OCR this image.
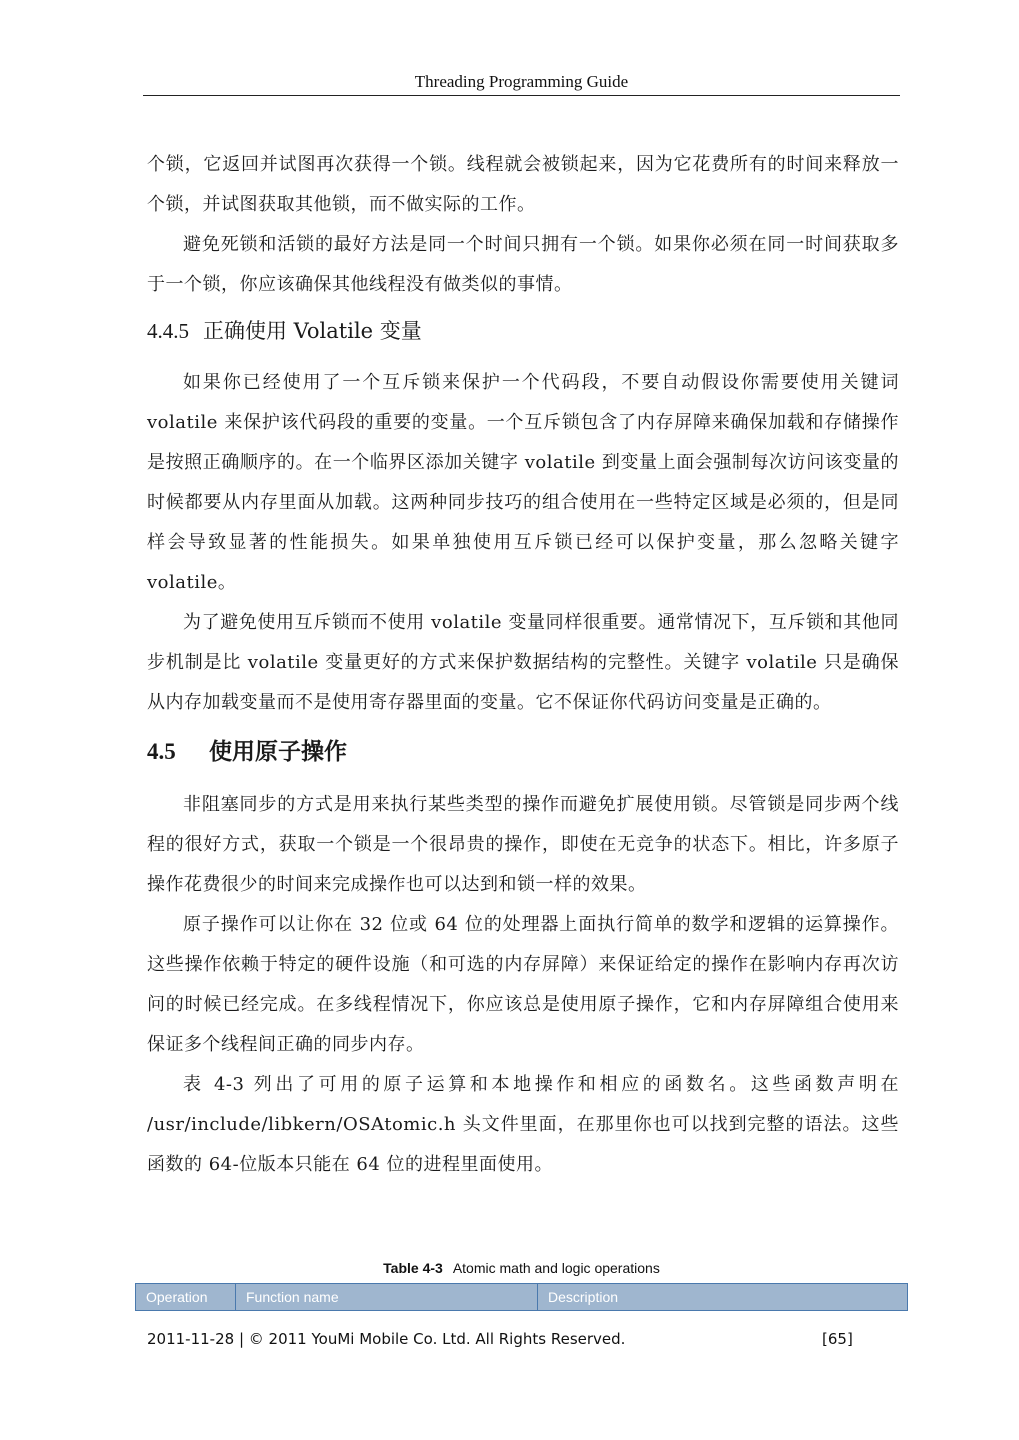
Threading Programming Guide

个锁，它返回并试图再次获得一个锁。线程就会被锁起来，因为它花费所有的时间来释放一个锁，并试图获取其他锁，而不做实际的工作。

避免死锁和活锁的最好方法是同一个时间只拥有一个锁。如果你必须在同一时间获取多于一个锁，你应该确保其他线程没有做类似的事情。

4.4.5 正确使用 Volatile 变量

如果你已经使用了一个互斥锁来保护一个代码段，不要自动假设你需要使用关键词 volatile 来保护该代码段的重要的变量。一个互斥锁包含了内存屏障来确保加载和存储操作是按照正确顺序的。在一个临界区添加关键字 volatile 到变量上面会强制每次访问该变量的时候都要从内存里面从加载。这两种同步技巧的组合使用在一些特定区域是必须的，但是同样会导致显著的性能损失。如果单独使用互斥锁已经可以保护变量，那么忽略关键字 volatile。

为了避免使用互斥锁而不使用 volatile 变量同样很重要。通常情况下，互斥锁和其他同步机制是比 volatile 变量更好的方式来保护数据结构的完整性。关键字 volatile 只是确保从内存加载变量而不是使用寄存器里面的变量。它不保证你代码访问变量是正确的。

4.5 使用原子操作

非阻塞同步的方式是用来执行某些类型的操作而避免扩展使用锁。尽管锁是同步两个线程的很好方式，获取一个锁是一个很昂贵的操作，即使在无竞争的状态下。相比，许多原子操作花费很少的时间来完成操作也可以达到和锁一样的效果。

原子操作可以让你在 32 位或 64 位的处理器上面执行简单的数学和逻辑的运算操作。这些操作依赖于特定的硬件设施（和可选的内存屏障）来保证给定的操作在影响内存再次访问的时候已经完成。在多线程情况下，你应该总是使用原子操作，它和内存屏障组合使用来保证多个线程间正确的同步内存。

表 4-3 列出了可用的原子运算和本地操作和相应的函数名。这些函数声明在 /usr/include/libkern/OSAtomic.h 头文件里面，在那里你也可以找到完整的语法。这些函数的 64-位版本只能在 64 位的进程里面使用。

Table 4-3 Atomic math and logic operations
Operation	Function name	Description
2011-11-28 | © 2011 YouMi Mobile Co. Ltd. All Rights Reserved.	[65]
